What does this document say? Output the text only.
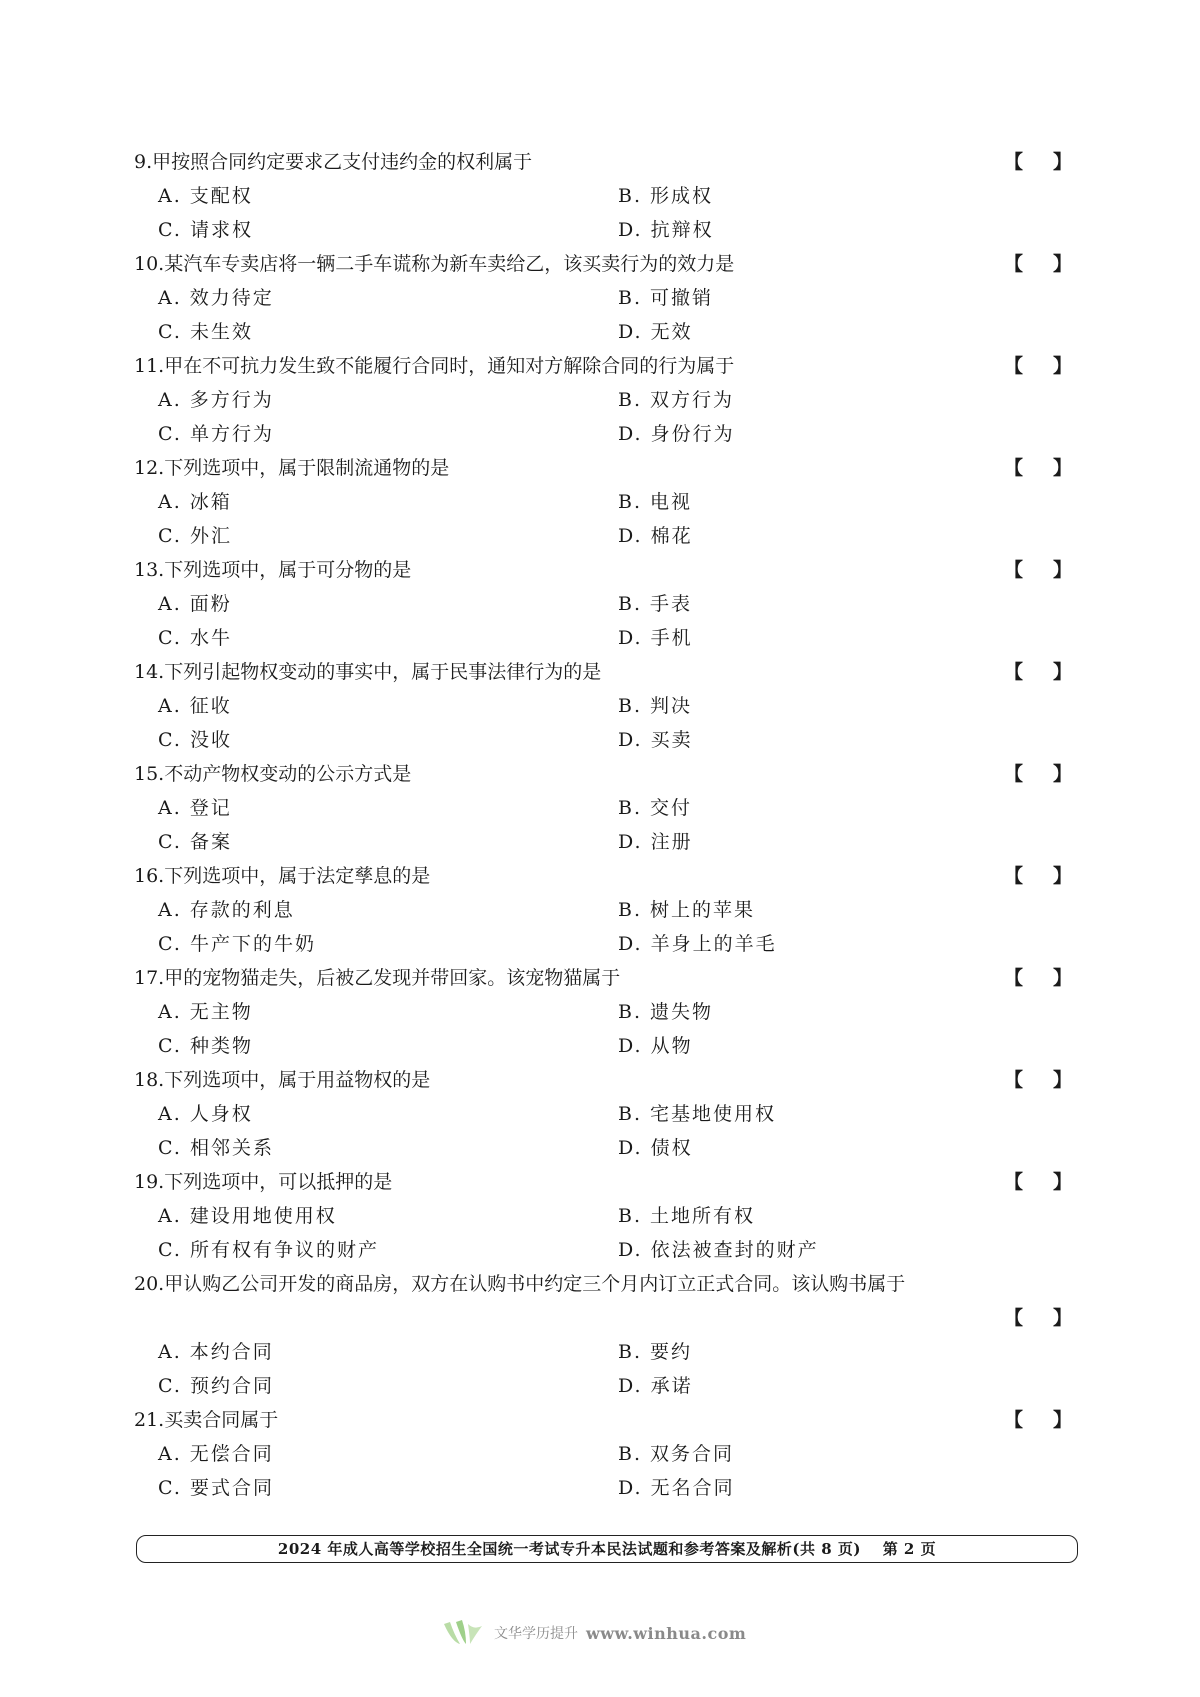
9.甲按照合同约定要求乙支付违约金的权利属于	【 】
A. 支配权	B. 形成权
C. 请求权	D. 抗辩权
10.某汽车专卖店将一辆二手车谎称为新车卖给乙，该买卖行为的效力是	【 】
A. 效力待定	B. 可撤销
C. 未生效	D. 无效
11.甲在不可抗力发生致不能履行合同时，通知对方解除合同的行为属于	【 】
A. 多方行为	B. 双方行为
C. 单方行为	D. 身份行为
12.下列选项中，属于限制流通物的是	【 】
A. 冰箱	B. 电视
C. 外汇	D. 棉花
13.下列选项中，属于可分物的是	【 】
A. 面粉	B. 手表
C. 水牛	D. 手机
14.下列引起物权变动的事实中，属于民事法律行为的是	【 】
A. 征收	B. 判决
C. 没收	D. 买卖
15.不动产物权变动的公示方式是	【 】
A. 登记	B. 交付
C. 备案	D. 注册
16.下列选项中，属于法定孳息的是	【 】
A. 存款的利息	B. 树上的苹果
C. 牛产下的牛奶	D. 羊身上的羊毛
17.甲的宠物猫走失，后被乙发现并带回家。该宠物猫属于	【 】
A. 无主物	B. 遗失物
C. 种类物	D. 从物
18.下列选项中，属于用益物权的是	【 】
A. 人身权	B. 宅基地使用权
C. 相邻关系	D. 债权
19.下列选项中，可以抵押的是	【 】
A. 建设用地使用权	B. 土地所有权
C. 所有权有争议的财产	D. 依法被查封的财产
20.甲认购乙公司开发的商品房，双方在认购书中约定三个月内订立正式合同。该认购书属于
【 】
A. 本约合同	B. 要约
C. 预约合同	D. 承诺
21.买卖合同属于	【 】
A. 无偿合同	B. 双务合同
C. 要式合同	D. 无名合同
2024 年成人高等学校招生全国统一考试专升本民法试题和参考答案及解析(共 8 页) 第 2 页
文华学历提升 www.winhua.com
